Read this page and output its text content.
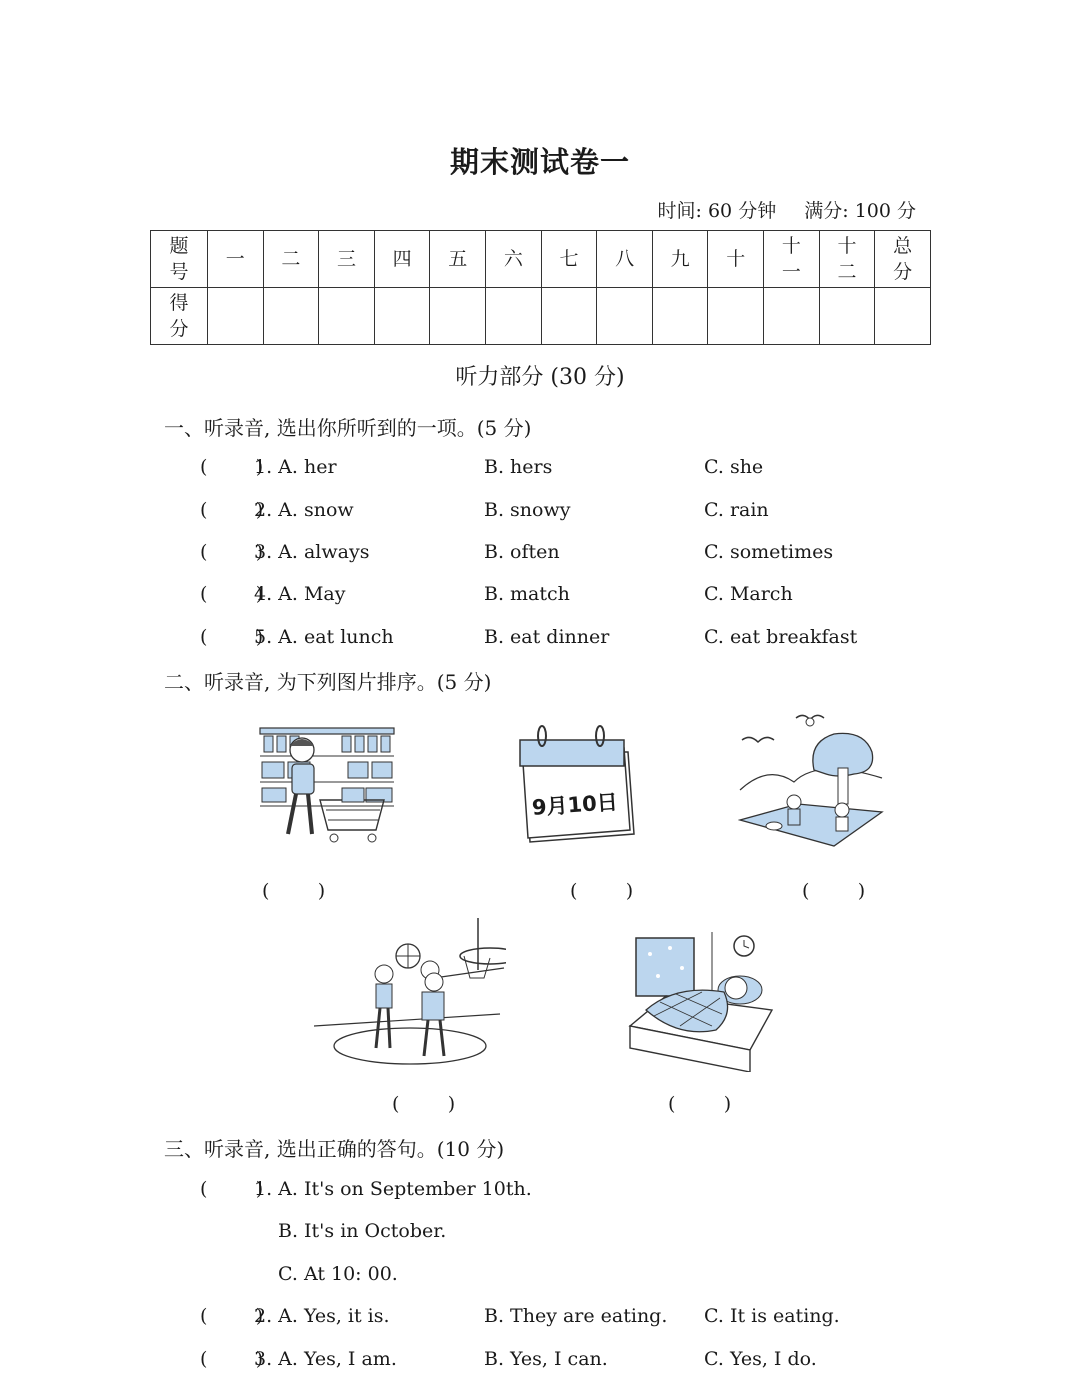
期末测试卷一
时间: 60 分钟 满分: 100 分
题号	一	二	三	四	五	六	七	八	九	十	十一	十二	总分
得分													
听力部分 (30 分)
一、听录音, 选出你所听到的一项。(5 分)
(        )
1. A. her	B. hers	C. she
(        )
2. A. snow	B. snowy	C. rain
(        )
3. A. always	B. often	C. sometimes
(        )
4. A. May	B. match	C. March
(        )
5. A. eat lunch	B. eat dinner	C. eat breakfast
二、听录音, 为下列图片排序。(5 分)
9月10日
(        )	(        )	(        )
(        )	(        )
三、听录音, 选出正确的答句。(10 分)
(        )
1. A. It's on September 10th.
B. It's in October.
C. At 10: 00.
(        )
2. A. Yes, it is.	B. They are eating. C. It is eating.
(        )
3. A. Yes, I am.	B. Yes, I can.	C. Yes, I do.
